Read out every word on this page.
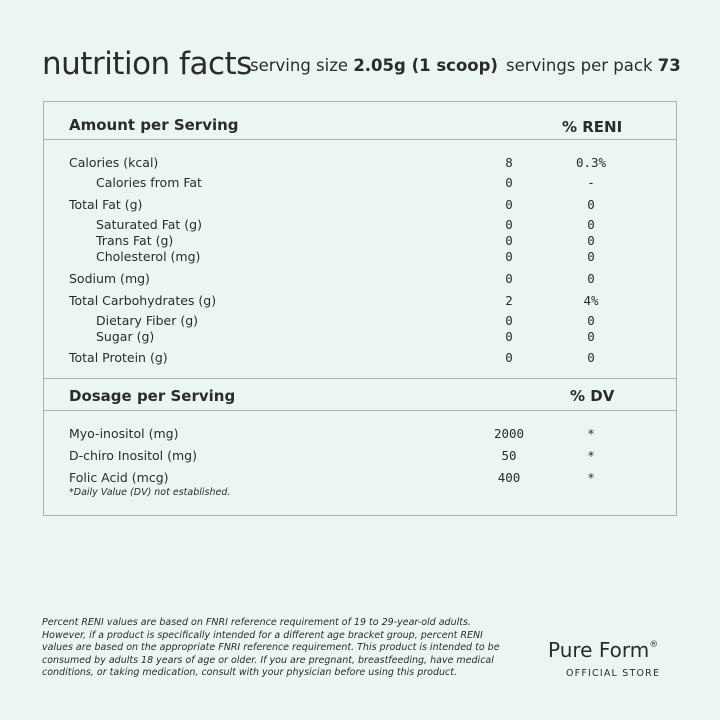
nutrition facts
serving size 2.05g (1 scoop) servings per pack 73
Amount per Serving	% RENI
Calories (kcal)	8	0.3%
Calories from Fat	0	-
Total Fat (g)	0	0
Saturated Fat (g)	0	0
Trans Fat (g)	0	0
Cholesterol (mg)	0	0
Sodium (mg)	0	0
Total Carbohydrates (g)	2	4%
Dietary Fiber (g)	0	0
Sugar (g)	0	0
Total Protein (g)	0	0
Dosage per Serving	% DV
Myo-inositol (mg)	2000	*
D-chiro Inositol (mg)	50	*
Folic Acid (mcg)	400	*
*Daily Value (DV) not established.
Percent RENI values are based on FNRI reference requirement of 19 to 29-year-old adults.
However, if a product is specifically intended for a different age bracket group, percent RENI
values are based on the appropriate FNRI reference requirement. This product is intended to be
consumed by adults 18 years of age or older. If you are pregnant, breastfeeding, have medical
conditions, or taking medication, consult with your physician before using this product.
Pure Form®
OFFICIAL STORE
